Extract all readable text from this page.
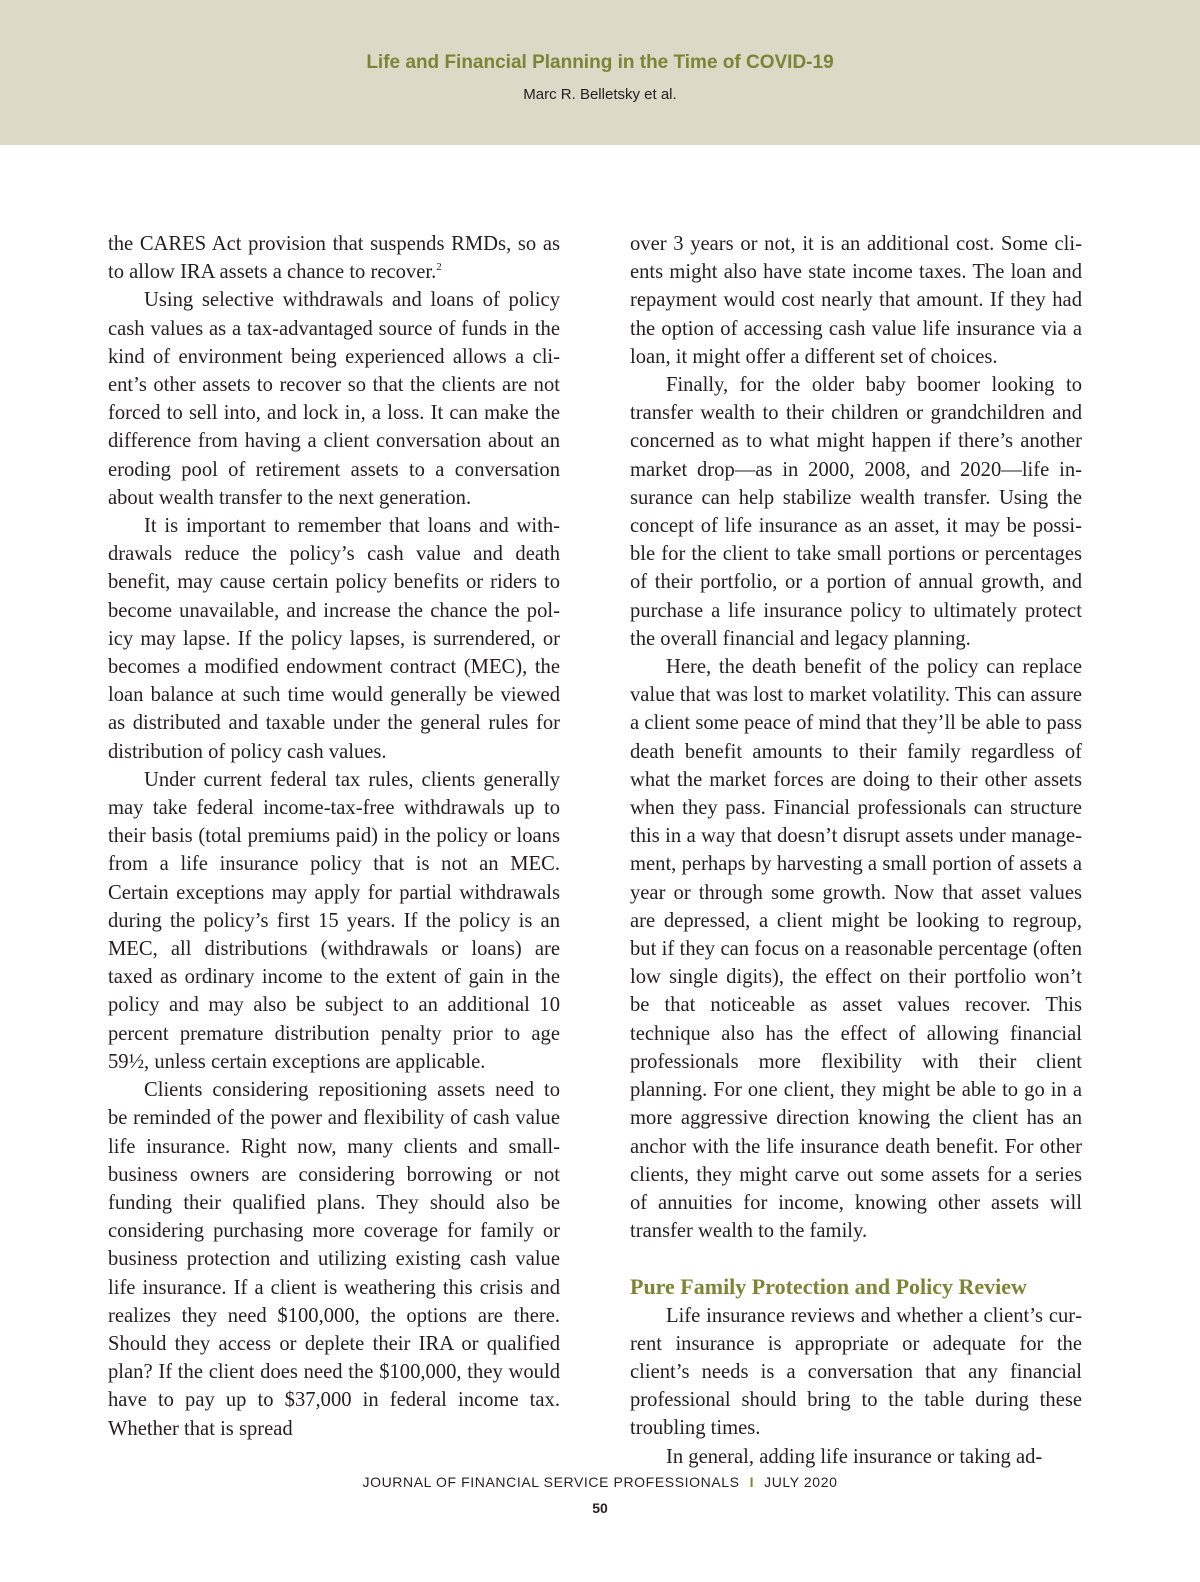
Life and Financial Planning in the Time of COVID-19
Marc R. Belletsky et al.

the CARES Act provision that suspends RMDs, so as to allow IRA assets a chance to recover.$^2$

Using selective withdrawals and loans of policy cash values as a tax-advantaged source of funds in the kind of environment being experienced allows a client’s other assets to recover so that the clients are not forced to sell into, and lock in, a loss. It can make the difference from having a client conversation about an eroding pool of retirement assets to a conversation about wealth transfer to the next generation.

It is important to remember that loans and withdrawals reduce the policy’s cash value and death benefit, may cause certain policy benefits or riders to become unavailable, and increase the chance the policy may lapse. If the policy lapses, is surrendered, or becomes a modified endowment contract (MEC), the loan balance at such time would generally be viewed as distributed and taxable under the general rules for distribution of policy cash values.

Under current federal tax rules, clients generally may take federal income-tax-free withdrawals up to their basis (total premiums paid) in the policy or loans from a life insurance policy that is not an MEC. Certain exceptions may apply for partial withdrawals during the policy’s first 15 years. If the policy is an MEC, all distributions (withdrawals or loans) are taxed as ordinary income to the extent of gain in the policy and may also be subject to an additional 10 percent premature distribution penalty prior to age 59½, unless certain exceptions are applicable.

Clients considering repositioning assets need to be reminded of the power and flexibility of cash value life insurance. Right now, many clients and small-business owners are considering borrowing or not funding their qualified plans. They should also be considering purchasing more coverage for family or business protection and utilizing existing cash value life insurance. If a client is weathering this crisis and realizes they need $100,000, the options are there. Should they access or deplete their IRA or qualified plan? If the client does need the $100,000, they would have to pay up to $37,000 in federal income tax. Whether that is spread

over 3 years or not, it is an additional cost. Some clients might also have state income taxes. The loan and repayment would cost nearly that amount. If they had the option of accessing cash value life insurance via a loan, it might offer a different set of choices.

Finally, for the older baby boomer looking to transfer wealth to their children or grandchildren and concerned as to what might happen if there’s another market drop—as in 2000, 2008, and 2020—life insurance can help stabilize wealth transfer. Using the concept of life insurance as an asset, it may be possible for the client to take small portions or percentages of their portfolio, or a portion of annual growth, and purchase a life insurance policy to ultimately protect the overall financial and legacy planning.

Here, the death benefit of the policy can replace value that was lost to market volatility. This can assure a client some peace of mind that they’ll be able to pass death benefit amounts to their family regardless of what the market forces are doing to their other assets when they pass. Financial professionals can structure this in a way that doesn’t disrupt assets under management, perhaps by harvesting a small portion of assets a year or through some growth. Now that asset values are depressed, a client might be looking to regroup, but if they can focus on a reasonable percentage (often low single digits), the effect on their portfolio won’t be that noticeable as asset values recover. This technique also has the effect of allowing financial professionals more flexibility with their client planning. For one client, they might be able to go in a more aggressive direction knowing the client has an anchor with the life insurance death benefit. For other clients, they might carve out some assets for a series of annuities for income, knowing other assets will transfer wealth to the family.

Pure Family Protection and Policy Review

Life insurance reviews and whether a client’s current insurance is appropriate or adequate for the client’s needs is a conversation that any financial professional should bring to the table during these troubling times.

In general, adding life insurance or taking ad-

JOURNAL OF FINANCIAL SERVICE PROFESSIONALS I JULY 2020
50
